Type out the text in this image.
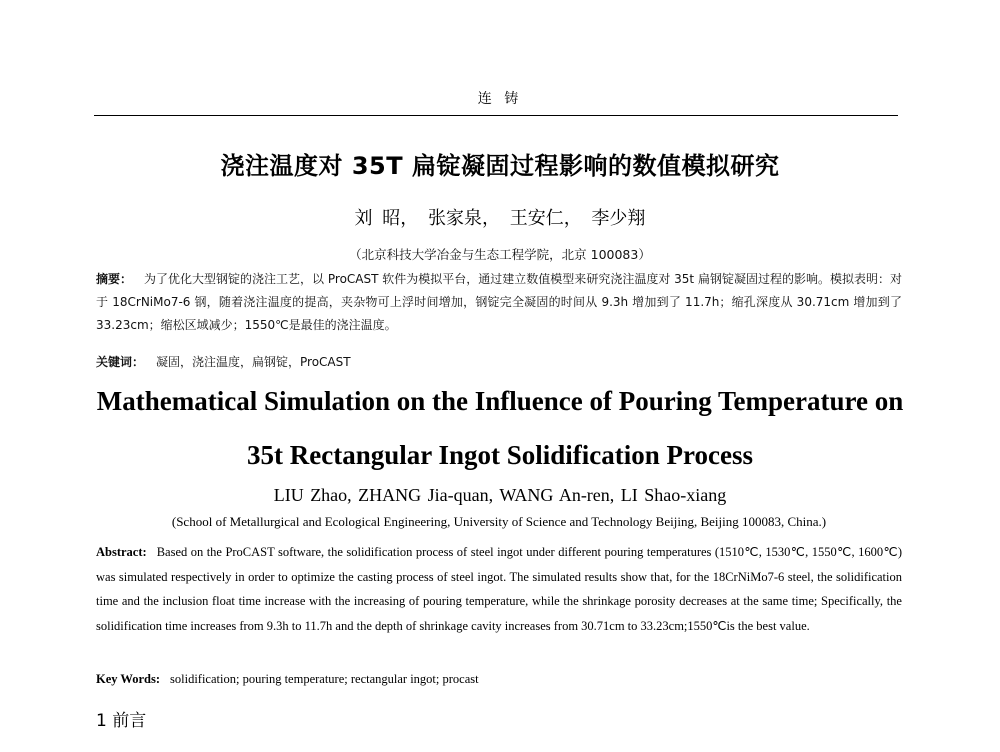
连 铸
浇注温度对 35T 扁锭凝固过程影响的数值模拟研究
刘 昭， 张家泉， 王安仁， 李少翔
（北京科技大学冶金与生态工程学院，北京 100083）
摘要： 为了优化大型钢锭的浇注工艺，以 ProCAST 软件为模拟平台，通过建立数值模型来研究浇注温度对 35t 扁钢锭凝固过程的影响。模拟表明：对于 18CrNiMo7-6 钢，随着浇注温度的提高，夹杂物可上浮时间增加，钢锭完全凝固的时间从 9.3h 增加到了 11.7h；缩孔深度从 30.71cm 增加到了 33.23cm；缩松区域减少；1550℃是最佳的浇注温度。
关键词： 凝固，浇注温度，扁钢锭，ProCAST
Mathematical Simulation on the Influence of Pouring Temperature on
35t Rectangular Ingot Solidification Process
LIU Zhao, ZHANG Jia-quan, WANG An-ren, LI Shao-xiang
(School of Metallurgical and Ecological Engineering, University of Science and Technology Beijing, Beijing 100083, China.)
Abstract: Based on the ProCAST software, the solidification process of steel ingot under different pouring temperatures (1510℃, 1530℃, 1550℃, 1600℃) was simulated respectively in order to optimize the casting process of steel ingot. The simulated results show that, for the 18CrNiMo7-6 steel, the solidification time and the inclusion float time increase with the increasing of pouring temperature, while the shrinkage porosity decreases at the same time; Specifically, the solidification time increases from 9.3h to 11.7h and the depth of shrinkage cavity increases from 30.71cm to 33.23cm;1550℃is the best value.
Key Words: solidification; pouring temperature; rectangular ingot; procast
1 前言
